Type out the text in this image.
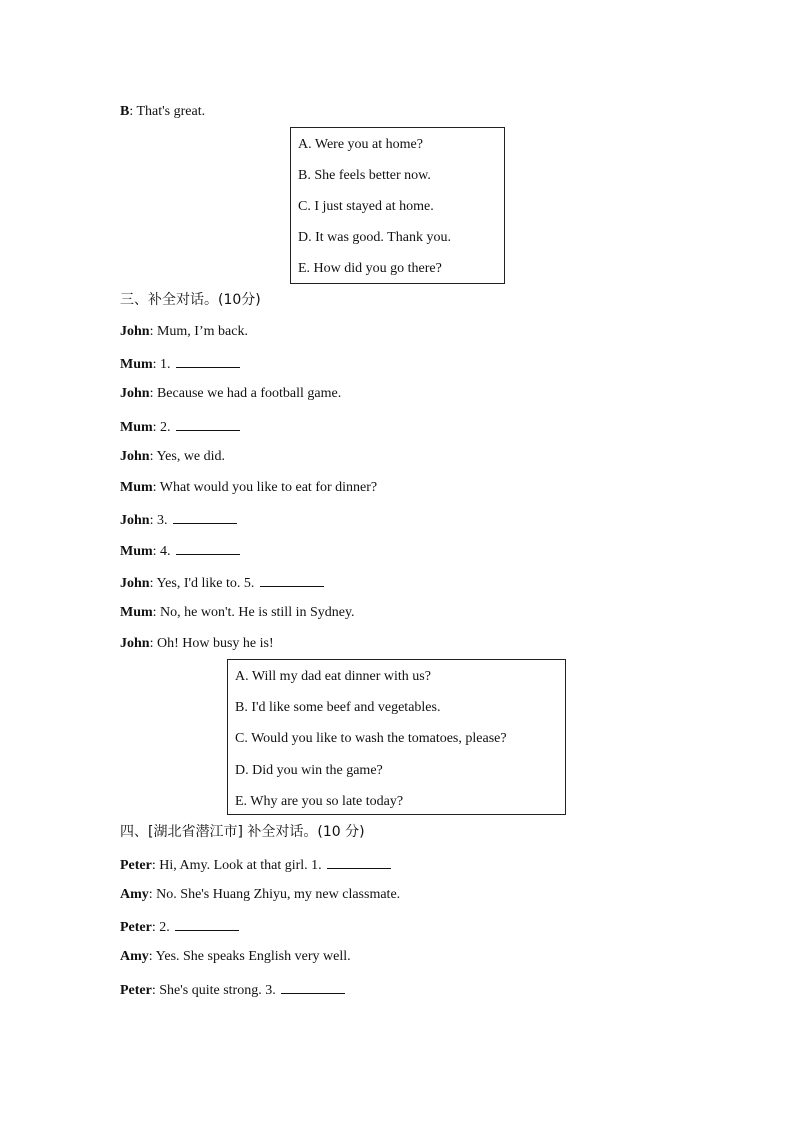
B: That's great.
A. Were you at home?
B. She feels better now.
C. I just stayed at home.
D. It was good. Thank you.
E. How did you go there?
三、补全对话。(10分)
John: Mum, I’m back.
Mum: 1.
John: Because we had a football game.
Mum: 2.
John: Yes, we did.
Mum: What would you like to eat for dinner?
John: 3.
Mum: 4.
John: Yes, I'd like to. 5.
Mum: No, he won't. He is still in Sydney.
John: Oh! How busy he is!
A. Will my dad eat dinner with us?
B. I'd like some beef and vegetables.
C. Would you like to wash the tomatoes, please?
D. Did you win the game?
E. Why are you so late today?
四、[湖北省潜江市] 补全对话。(10 分)
Peter: Hi, Amy. Look at that girl. 1.
Amy: No. She's Huang Zhiyu, my new classmate.
Peter: 2.
Amy: Yes. She speaks English very well.
Peter: She's quite strong. 3.
